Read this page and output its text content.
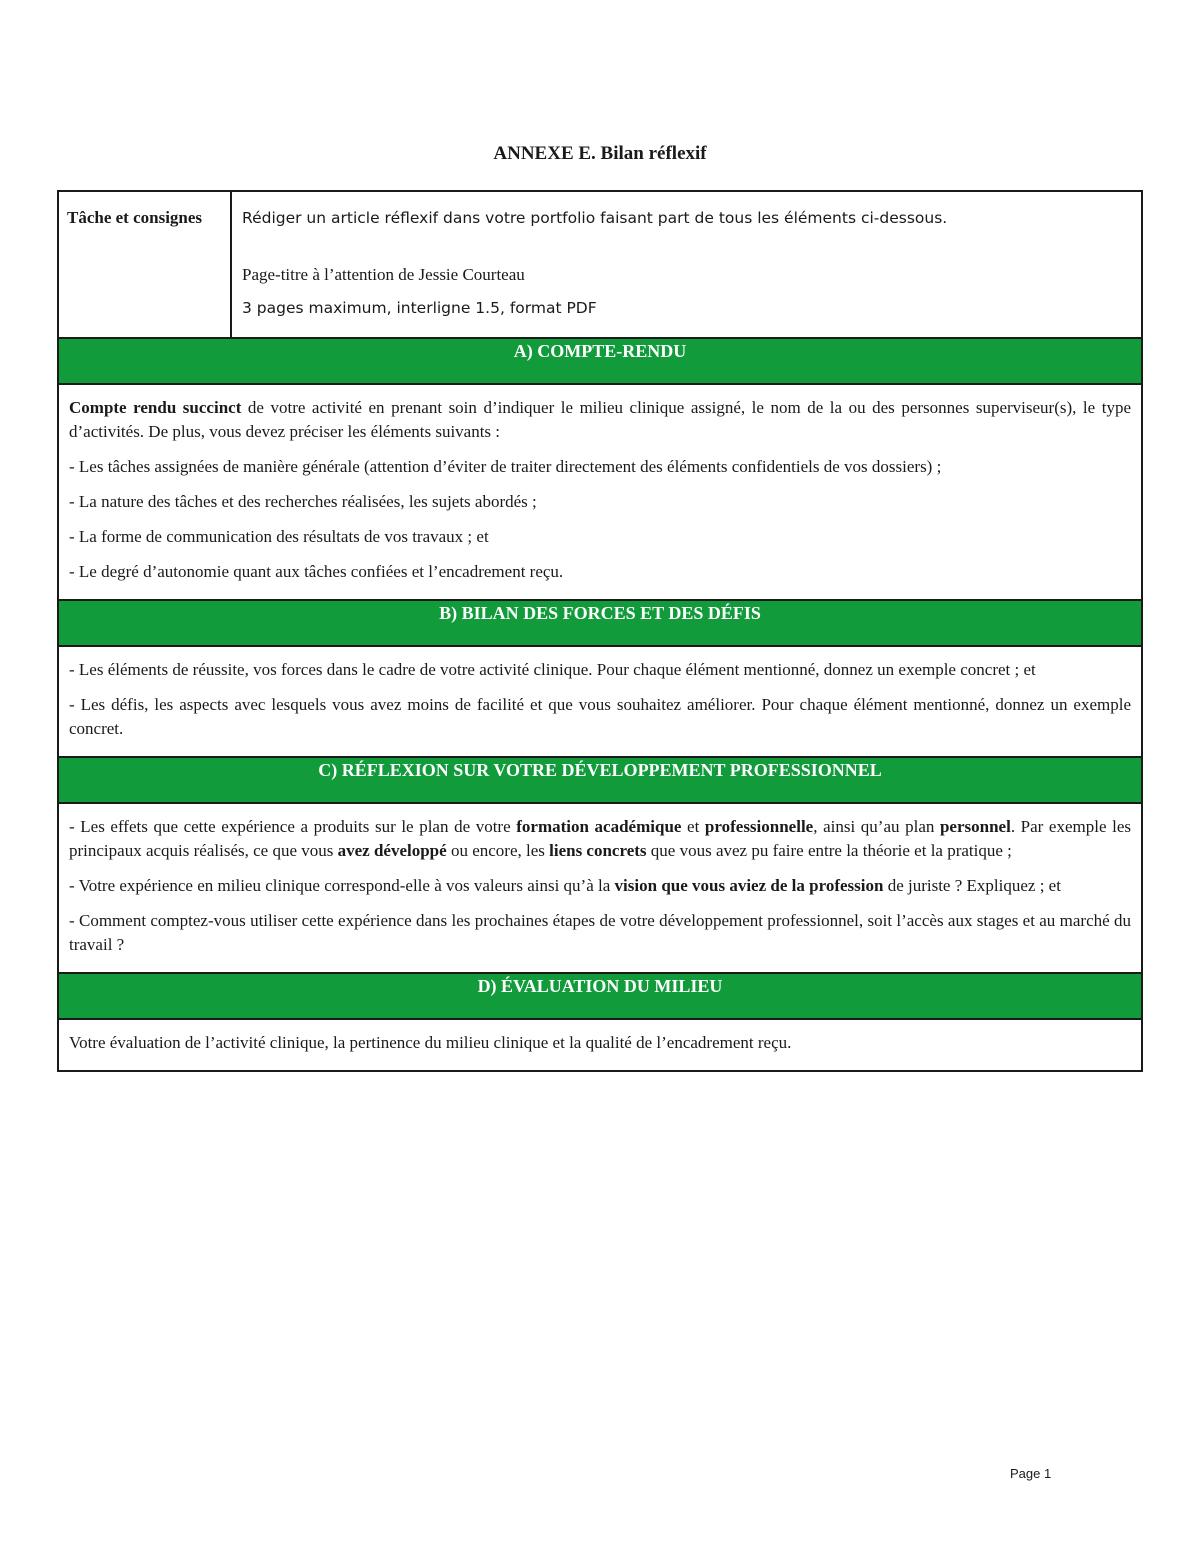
ANNEXE E. Bilan réflexif
Tâche et consignes	Rédiger un article réflexif dans votre portfolio faisant part de tous les éléments ci-dessous.
Page-titre à l’attention de Jessie Courteau
3 pages maximum, interligne 1.5, format PDF

A) COMPTE-RENDU

Compte rendu succinct de votre activité en prenant soin d’indiquer le milieu clinique assigné, le nom de la ou des personnes superviseur(s), le type d’activités. De plus, vous devez préciser les éléments suivants :

- Les tâches assignées de manière générale (attention d’éviter de traiter directement des éléments confidentiels de vos dossiers) ;

- La nature des tâches et des recherches réalisées, les sujets abordés ;

- La forme de communication des résultats de vos travaux ; et

- Le degré d’autonomie quant aux tâches confiées et l’encadrement reçu.

B) BILAN DES FORCES ET DES DÉFIS

- Les éléments de réussite, vos forces dans le cadre de votre activité clinique. Pour chaque élément mentionné, donnez un exemple concret ; et

- Les défis, les aspects avec lesquels vous avez moins de facilité et que vous souhaitez améliorer. Pour chaque élément mentionné, donnez un exemple concret.

C) RÉFLEXION SUR VOTRE DÉVELOPPEMENT PROFESSIONNEL

- Les effets que cette expérience a produits sur le plan de votre formation académique et professionnelle, ainsi qu’au plan personnel. Par exemple les principaux acquis réalisés, ce que vous avez développé ou encore, les liens concrets que vous avez pu faire entre la théorie et la pratique ;

- Votre expérience en milieu clinique correspond-elle à vos valeurs ainsi qu’à la vision que vous aviez de la profession de juriste ? Expliquez ; et

- Comment comptez-vous utiliser cette expérience dans les prochaines étapes de votre développement professionnel, soit l’accès aux stages et au marché du travail ?

D) ÉVALUATION DU MILIEU

Votre évaluation de l’activité clinique, la pertinence du milieu clinique et la qualité de l’encadrement reçu.

Page 1
